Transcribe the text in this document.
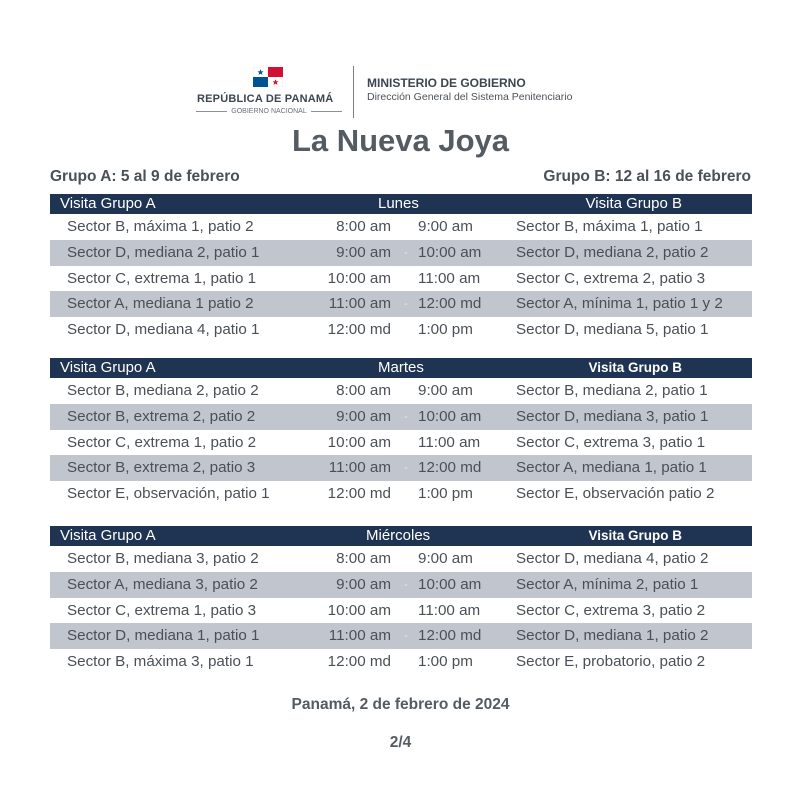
REPÚBLICA DE PANAMÁ
GOBIERNO NACIONAL
MINISTERIO DE GOBIERNO
Dirección General del Sistema Penitenciario
La Nueva Joya
Grupo A: 5 al 9 de febrero	Grupo B: 12 al 16 de febrero
Visita Grupo A	Lunes	Visita Grupo B
Sector B, máxima 1, patio 2	8:00 am 9:00 am	Sector B, máxima 1, patio 1
Sector D, mediana 2, patio 1	9:00 am - 10:00 am Sector D, mediana 2, patio 2
Sector C, extrema 1, patio 1	10:00 am 11:00 am Sector C, extrema 2, patio 3
Sector A, mediana 1 patio 2	11:00 am - 12:00 md Sector A, mínima 1, patio 1 y 2
Sector D, mediana 4, patio 1	12:00 md 1:00 pm	Sector D, mediana 5, patio 1
Visita Grupo A	Martes	Visita Grupo B
Sector B, mediana 2, patio 2	8:00 am 9:00 am	Sector B, mediana 2, patio 1
Sector B, extrema 2, patio 2	9:00 am - 10:00 am Sector D, mediana 3, patio 1
Sector C, extrema 1, patio 2	10:00 am 11:00 am Sector C, extrema 3, patio 1
Sector B, extrema 2, patio 3	11:00 am - 12:00 md Sector A, mediana 1, patio 1
Sector E, observación, patio 1	12:00 md 1:00 pm	Sector E, observación patio 2
Visita Grupo A	Miércoles	Visita Grupo B
Sector B, mediana 3, patio 2	8:00 am 9:00 am	Sector D, mediana 4, patio 2
Sector A, mediana 3, patio 2	9:00 am - 10:00 am Sector A, mínima 2, patio 1
Sector C, extrema 1, patio 3	10:00 am 11:00 am Sector C, extrema 3, patio 2
Sector D, mediana 1, patio 1	11:00 am - 12:00 md Sector D, mediana 1, patio 2
Sector B, máxima 3, patio 1	12:00 md 1:00 pm	Sector E, probatorio, patio 2
Panamá, 2 de febrero de 2024
2/4
